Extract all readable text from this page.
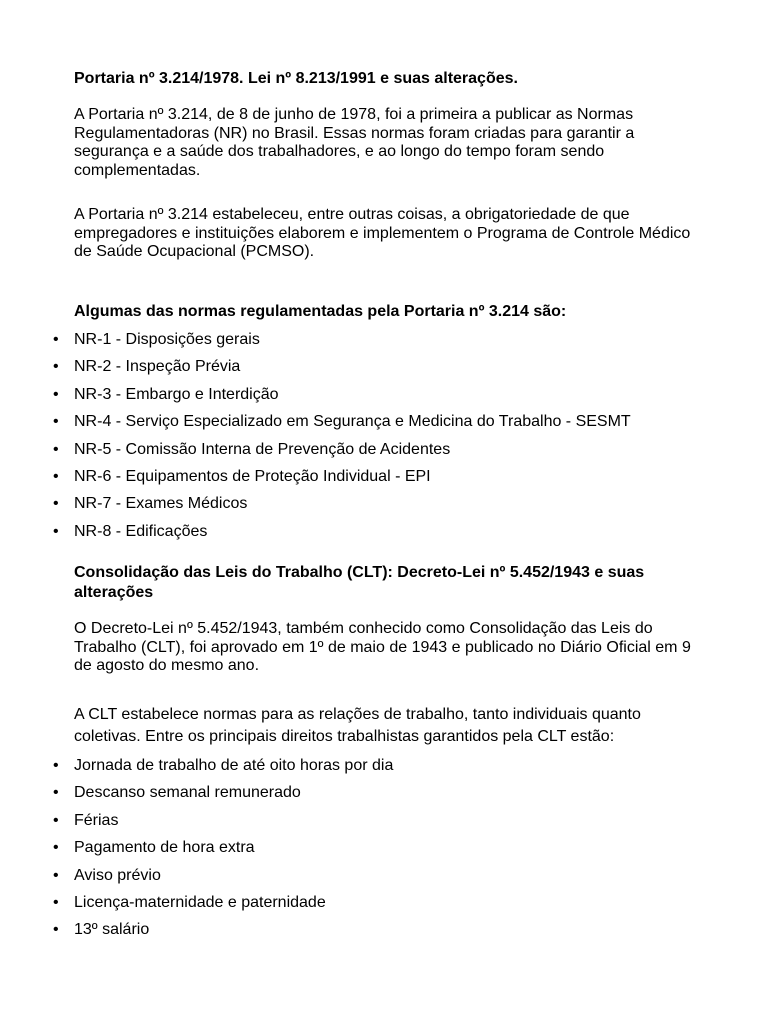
Portaria nº 3.214/1978. Lei nº 8.213/1991 e suas alterações.

A Portaria nº 3.214, de 8 de junho de 1978, foi a primeira a publicar as Normas Regulamentadoras (NR) no Brasil. Essas normas foram criadas para garantir a segurança e a saúde dos trabalhadores, e ao longo do tempo foram sendo complementadas.

A Portaria nº 3.214 estabeleceu, entre outras coisas, a obrigatoriedade de que empregadores e instituições elaborem e implementem o Programa de Controle Médico de Saúde Ocupacional (PCMSO).

Algumas das normas regulamentadas pela Portaria nº 3.214 são:

• NR-1 - Disposições gerais
• NR-2 - Inspeção Prévia
• NR-3 - Embargo e Interdição
• NR-4 - Serviço Especializado em Segurança e Medicina do Trabalho - SESMT
• NR-5 - Comissão Interna de Prevenção de Acidentes
• NR-6 - Equipamentos de Proteção Individual - EPI
• NR-7 - Exames Médicos
• NR-8 - Edificações

Consolidação das Leis do Trabalho (CLT): Decreto-Lei nº 5.452/1943 e suas alterações

O Decreto-Lei nº 5.452/1943, também conhecido como Consolidação das Leis do Trabalho (CLT), foi aprovado em 1º de maio de 1943 e publicado no Diário Oficial em 9 de agosto do mesmo ano.

A CLT estabelece normas para as relações de trabalho, tanto individuais quanto coletivas. Entre os principais direitos trabalhistas garantidos pela CLT estão:

• Jornada de trabalho de até oito horas por dia
• Descanso semanal remunerado
• Férias
• Pagamento de hora extra
• Aviso prévio
• Licença-maternidade e paternidade
• 13º salário
